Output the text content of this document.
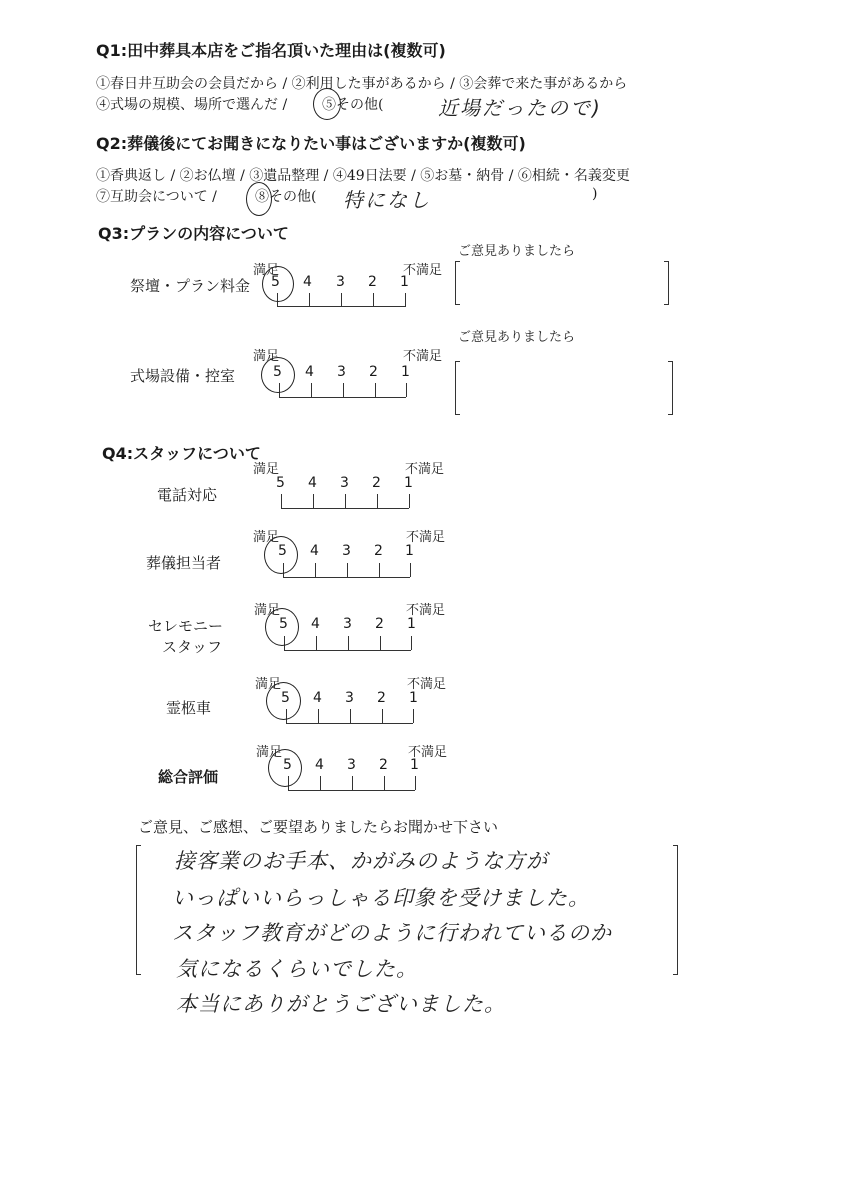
Q1:田中葬具本店をご指名頂いた理由は(複数可)
①春日井互助会の会員だから / ②利用した事があるから / ③会葬で来た事があるから
④式場の規模、場所で選んだ / ⑤その他(	近場だったので)
Q2:葬儀後にてお聞きになりたい事はございますか(複数可)
①香典返し / ②お仏壇 / ③遺品整理 / ④49日法要 / ⑤お墓・納骨 / ⑥相続・名義変更
⑦互助会について /	⑧その他( 特になし	)
Q3:プランの内容について
ご意見ありましたら
祭壇・プラン料金
満足	不満足
5 4 3 2 1
ご意見ありましたら
式場設備・控室
満足	不満足
5 4 3 2 1
Q4:スタッフについて
電話対応
満足	不満足
5 4 3 2 1
葬儀担当者
満足	不満足
5 4 3 2 1
セレモニー
スタッフ
満足	不満足
5 4 3 2 1
霊柩車
満足	不満足
5 4 3 2 1
総合評価
満足	不満足
5 4 3 2 1
ご意見、ご感想、ご要望ありましたらお聞かせ下さい
接客業のお手本、かがみのような方が
いっぱいいらっしゃる印象を受けました。
スタッフ教育がどのように行われているのか
気になるくらいでした。
本当にありがとうございました。
